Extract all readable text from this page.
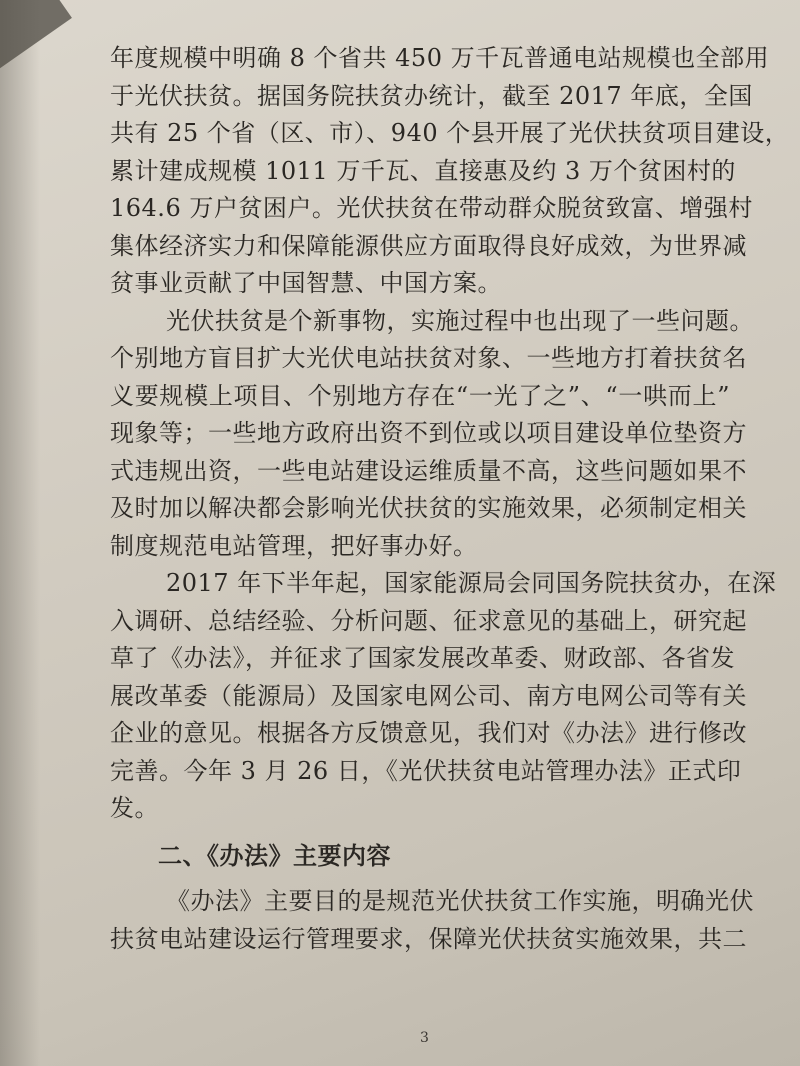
年度规模中明确 8 个省共 450 万千瓦普通电站规模也全部用
于光伏扶贫。据国务院扶贫办统计，截至 2017 年底，全国
共有 25 个省（区、市）、940 个县开展了光伏扶贫项目建设，
累计建成规模 1011 万千瓦、直接惠及约 3 万个贫困村的
164.6 万户贫困户。光伏扶贫在带动群众脱贫致富、增强村
集体经济实力和保障能源供应方面取得良好成效，为世界减
贫事业贡献了中国智慧、中国方案。
光伏扶贫是个新事物，实施过程中也出现了一些问题。
个别地方盲目扩大光伏电站扶贫对象、一些地方打着扶贫名
义要规模上项目、个别地方存在“一光了之”、“一哄而上”
现象等；一些地方政府出资不到位或以项目建设单位垫资方
式违规出资，一些电站建设运维质量不高，这些问题如果不
及时加以解决都会影响光伏扶贫的实施效果，必须制定相关
制度规范电站管理，把好事办好。
2017 年下半年起，国家能源局会同国务院扶贫办，在深
入调研、总结经验、分析问题、征求意见的基础上，研究起
草了《办法》，并征求了国家发展改革委、财政部、各省发
展改革委（能源局）及国家电网公司、南方电网公司等有关
企业的意见。根据各方反馈意见，我们对《办法》进行修改
完善。今年 3 月 26 日，《光伏扶贫电站管理办法》正式印
发。
二、《办法》主要内容
《办法》主要目的是规范光伏扶贫工作实施，明确光伏
扶贫电站建设运行管理要求，保障光伏扶贫实施效果，共二
3
